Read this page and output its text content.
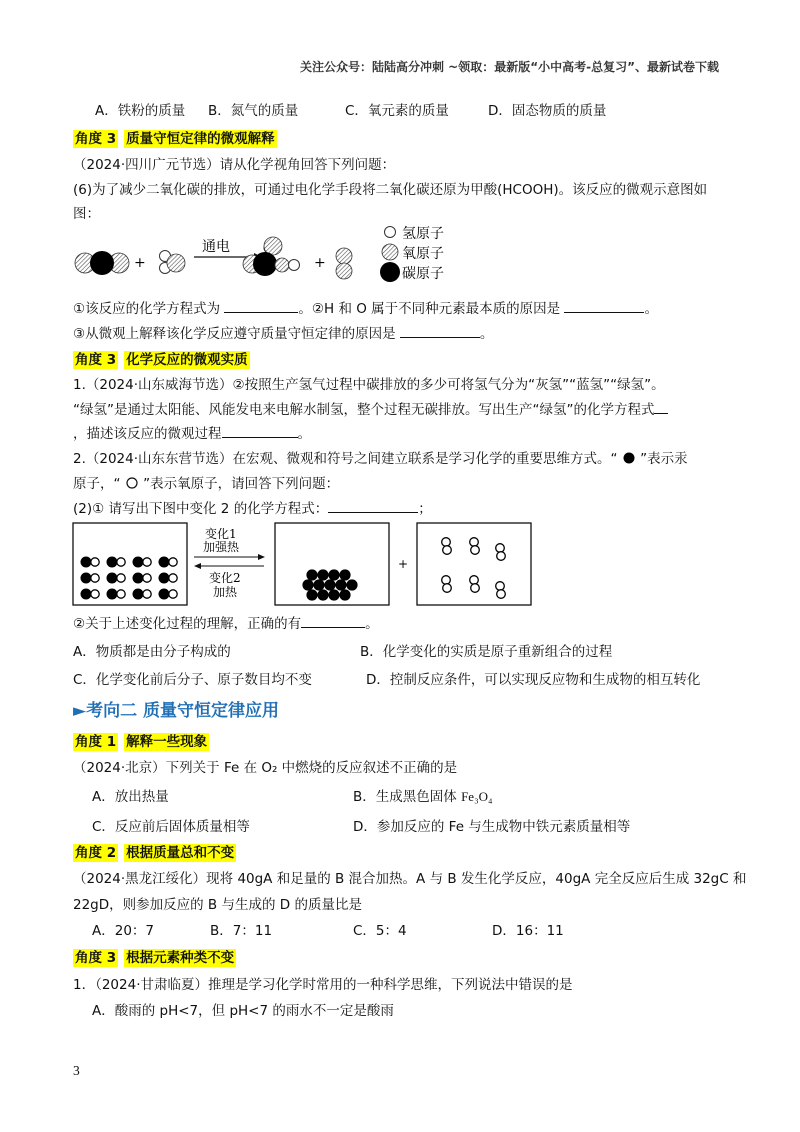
关注公众号：陆陆高分冲刺 ~领取：最新版“小中高考-总复习”、最新试卷下载
A．铁粉的质量 B．氮气的质量	C．氧元素的质量	D．固态物质的质量
角度 3 质量守恒定律的微观解释
（2024·四川广元节选）请从化学视角回答下列问题：
(6)为了减少二氧化碳的排放，可通过电化学手段将二氧化碳还原为甲酸(HCOOH)。该反应的微观示意图如
图：
+
通电
+
氢原子
氧原子
碳原子
①该反应的化学方程式为	。②H 和 O 属于不同种元素最本质的原因是	。
③从微观上解释该化学反应遵守质量守恒定律的原因是	。
角度 3 化学反应的微观实质
1.（2024·山东威海节选）②按照生产氢气过程中碳排放的多少可将氢气分为“灰氢”“蓝氢”“绿氢”。
“绿氢”是通过太阳能、风能发电来电解水制氢，整个过程无碳排放。写出生产“绿氢”的化学方程式
，描述该反应的微观过程	。
2.（2024·山东东营节选）在宏观、微观和符号之间建立联系是学习化学的重要思维方式。“ ”表示汞
原子，“ ”表示氧原子，请回答下列问题：
(2)① 请写出下图中变化 2 的化学方程式：	；
变化1
加强热
变化2
加热
+
②关于上述变化过程的理解，正确的有	。
A．物质都是由分子构成的	B．化学变化的实质是原子重新组合的过程
C．化学变化前后分子、原子数目均不变	D．控制反应条件，可以实现反应物和生成物的相互转化
►考向二 质量守恒定律应用
角度 1 解释一些现象
（2024·北京）下列关于 Fe 在 O₂ 中燃烧的反应叙述不正确的是
A．放出热量	B．生成黑色固体 Fe₃O₄
C．反应前后固体质量相等	D．参加反应的 Fe 与生成物中铁元素质量相等
角度 2 根据质量总和不变
（2024·黑龙江绥化）现将 40gA 和足量的 B 混合加热。A 与 B 发生化学反应，40gA 完全反应后生成 32gC 和
22gD，则参加反应的 B 与生成的 D 的质量比是
A．20：7	B．7：11	C．5：4	D．16：11
角度 3 根据元素种类不变
1．（2024·甘肃临夏）推理是学习化学时常用的一种科学思维，下列说法中错误的是
A．酸雨的 pH<7，但 pH<7 的雨水不一定是酸雨
3
